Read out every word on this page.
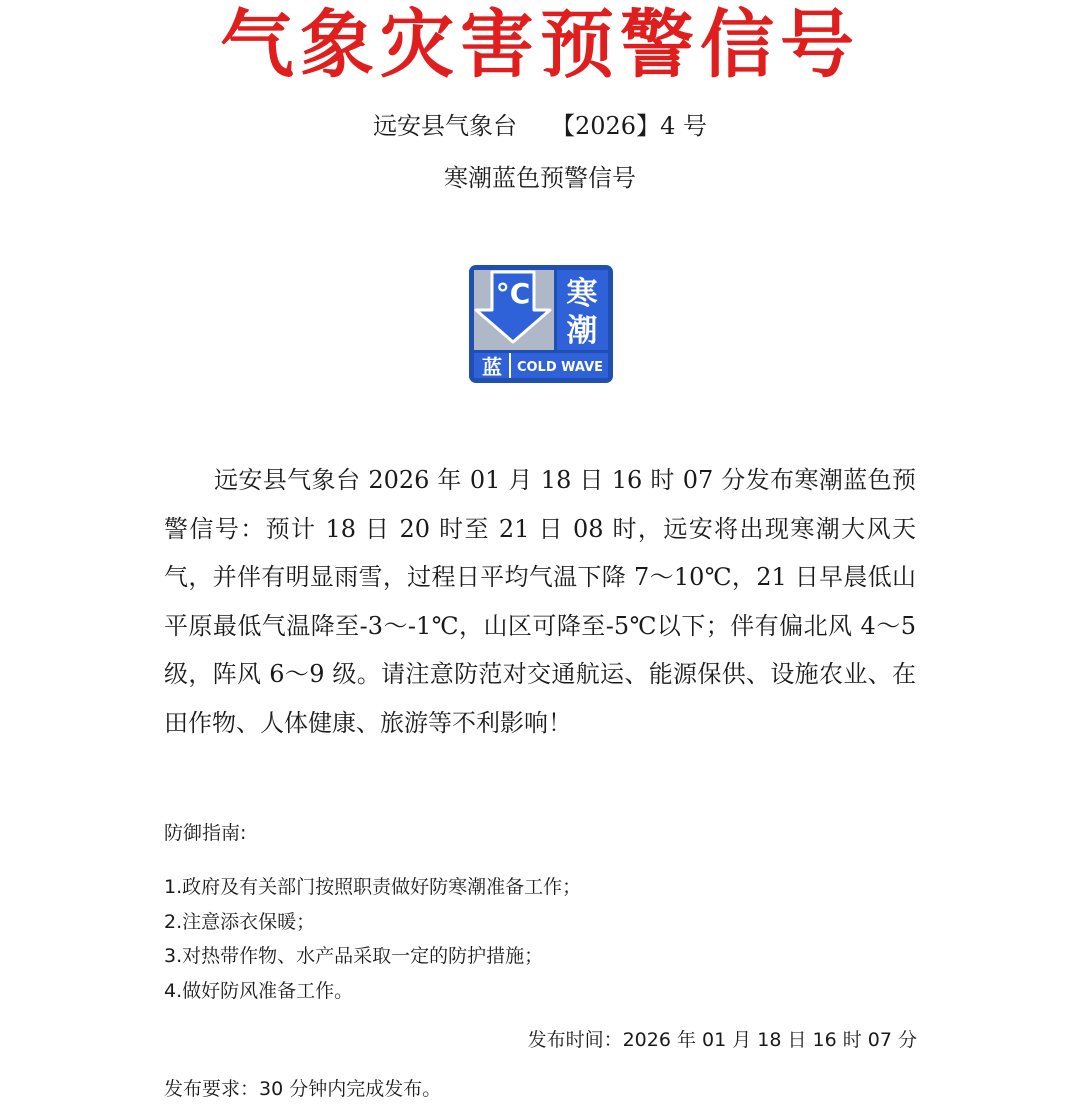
气象灾害预警信号
远安县气象台 【2026】4 号
寒潮蓝色预警信号
°C 寒
潮
蓝 COLD WAVE
远安县气象台 2026 年 01 月 18 日 16 时 07 分发布寒潮蓝色预警信号：预计 18 日 20 时至 21 日 08 时，远安将出现寒潮大风天气，并伴有明显雨雪，过程日平均气温下降 7～10℃，21 日早晨低山平原最低气温降至-3～-1℃，山区可降至-5℃以下；伴有偏北风 4～5 级，阵风 6～9 级。请注意防范对交通航运、能源保供、设施农业、在田作物、人体健康、旅游等不利影响！
防御指南:
1.政府及有关部门按照职责做好防寒潮准备工作；
2.注意添衣保暖；
3.对热带作物、水产品采取一定的防护措施；
4.做好防风准备工作。
发布时间：2026 年 01 月 18 日 16 时 07 分
发布要求：30 分钟内完成发布。
